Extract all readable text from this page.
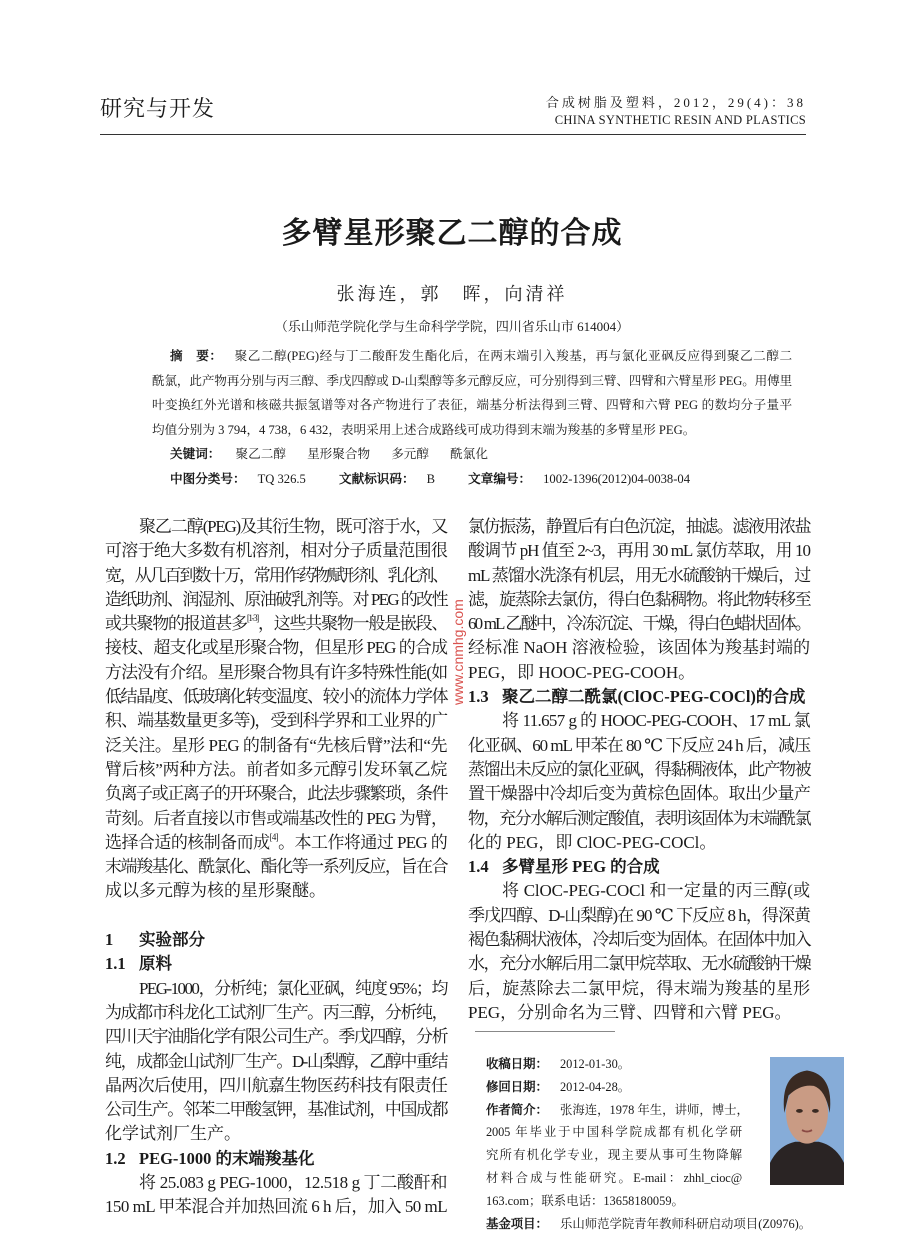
研究与开发	合成树脂及塑料，2012，29(4)：38
CHINA SYNTHETIC RESIN AND PLASTICS
多臂星形聚乙二醇的合成
张海连，郭　晖，向清祥
（乐山师范学院化学与生命科学学院，四川省乐山市 614004）
摘　要： 聚乙二醇(PEG)经与丁二酸酐发生酯化后，在两末端引入羧基，再与氯化亚砜反应得到聚乙二醇二
酰氯，此产物再分别与丙三醇、季戊四醇或 D-山梨醇等多元醇反应，可分别得到三臂、四臂和六臂星形 PEG。用傅里
叶变换红外光谱和核磁共振氢谱等对各产物进行了表征，端基分析法得到三臂、四臂和六臂 PEG 的数均分子量平
均值分别为 3 794，4 738，6 432，表明采用上述合成路线可成功得到末端为羧基的多臂星形 PEG。
关键词： 聚乙二醇 星形聚合物 多元醇 酰氯化
中图分类号： TQ 326.5	文献标识码： B	文章编号： 1002-1396(2012)04-0038-04
聚乙二醇(PEG)及其衍生物，既可溶于水，又
可溶于绝大多数有机溶剂，相对分子质量范围很
宽，从几百到数十万，常用作药物赋形剂、乳化剂、
造纸助剂、润湿剂、原油破乳剂等。对 PEG 的改性
或共聚物的报道甚多[1-3]，这些共聚物一般是嵌段、
接枝、超支化或星形聚合物，但星形 PEG 的合成
方法没有介绍。星形聚合物具有许多特殊性能(如
低结晶度、低玻璃化转变温度、较小的流体力学体
积、端基数量更多等)，受到科学界和工业界的广
泛关注。星形 PEG 的制备有“先核后臂”法和“先
臂后核”两种方法。前者如多元醇引发环氧乙烷
负离子或正离子的开环聚合，此法步骤繁琐，条件
苛刻。后者直接以市售或端基改性的 PEG 为臂，
选择合适的核制备而成[4]。本工作将通过 PEG 的
末端羧基化、酰氯化、酯化等一系列反应，旨在合
成以多元醇为核的星形聚醚。
1 实验部分
1.1 原料
PEG-1000，分析纯；氯化亚砜，纯度 95%；均
为成都市科龙化工试剂厂生产。丙三醇，分析纯，
四川天宇油脂化学有限公司生产。季戊四醇，分析
纯，成都金山试剂厂生产。D-山梨醇，乙醇中重结
晶两次后使用，四川航嘉生物医药科技有限责任
公司生产。邻苯二甲酸氢钾，基准试剂，中国成都
化学试剂厂生产。
1.2 PEG-1000 的末端羧基化
将 25.083 g PEG-1000，12.518 g 丁二酸酐和
150 mL 甲苯混合并加热回流 6 h 后，加入 50 mL
氯仿振荡，静置后有白色沉淀，抽滤。滤液用浓盐
酸调节 pH 值至 2~3，再用 30 mL 氯仿萃取，用 10
mL 蒸馏水洗涤有机层，用无水硫酸钠干燥后，过
滤，旋蒸除去氯仿，得白色黏稠物。将此物转移至
60 mL 乙醚中，冷冻沉淀、干燥，得白色蜡状固体。
经标准 NaOH 溶液检验，该固体为羧基封端的
PEG，即 HOOC-PEG-COOH。
1.3 聚乙二醇二酰氯(ClOC-PEG-COCl)的合成
将 11.657 g 的 HOOC-PEG-COOH、17 mL 氯
化亚砜、60 mL 甲苯在 80 ℃ 下反应 24 h 后，减压
蒸馏出未反应的氯化亚砜，得黏稠液体，此产物被
置干燥器中冷却后变为黄棕色固体。取出少量产
物，充分水解后测定酸值，表明该固体为末端酰氯
化的 PEG，即 ClOC-PEG-COCl。
1.4 多臂星形 PEG 的合成
将 ClOC-PEG-COCl 和一定量的丙三醇(或
季戊四醇、D-山梨醇)在 90 ℃ 下反应 8 h，得深黄
褐色黏稠状液体，冷却后变为固体。在固体中加入
水，充分水解后用二氯甲烷萃取、无水硫酸钠干燥
后，旋蒸除去二氯甲烷，得末端为羧基的星形
PEG，分别命名为三臂、四臂和六臂 PEG。
www.cnmhg.com
收稿日期： 2012-01-30。
修回日期： 2012-04-28。
作者简介： 张海连，1978 年生，讲师，博士，
2005 年毕业于中国科学院成都有机化学研
究所有机化学专业，现主要从事可生物降解
材料合成与性能研究。E-mail：zhhl_cioc@
163.com；联系电话：13658180059。
基金项目： 乐山师范学院青年教师科研启动项目(Z0976)。
